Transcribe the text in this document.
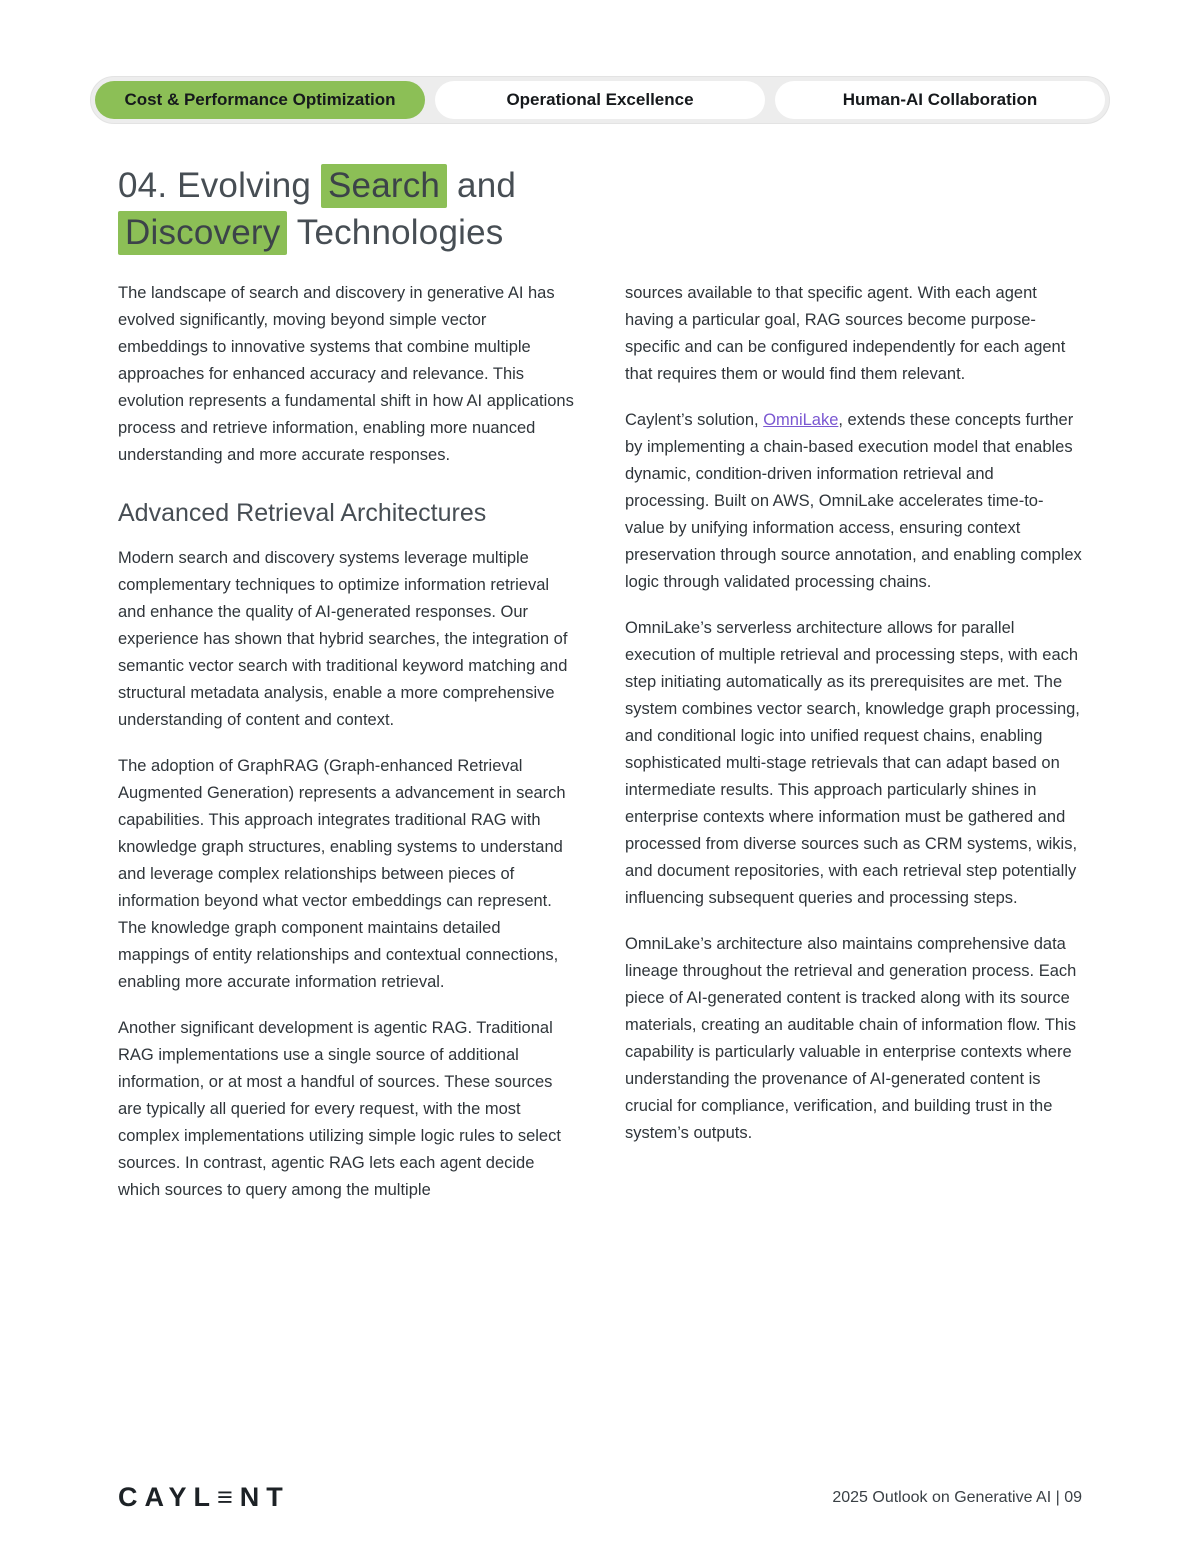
Cost & Performance Optimization	Operational Excellence	Human-AI Collaboration
04. Evolving Search and
Discovery Technologies

The landscape of search and discovery in generative AI has evolved significantly, moving beyond simple vector embeddings to innovative systems that combine multiple approaches for enhanced accuracy and relevance. This evolution represents a fundamental shift in how AI applications process and retrieve information, enabling more nuanced understanding and more accurate responses.

Advanced Retrieval Architectures

Modern search and discovery systems leverage multiple complementary techniques to optimize information retrieval and enhance the quality of AI-generated responses. Our experience has shown that hybrid searches, the integration of semantic vector search with traditional keyword matching and structural metadata analysis, enable a more comprehensive understanding of content and context.

The adoption of GraphRAG (Graph-enhanced Retrieval Augmented Generation) represents a advancement in search capabilities. This approach integrates traditional RAG with knowledge graph structures, enabling systems to understand and leverage complex relationships between pieces of information beyond what vector embeddings can represent. The knowledge graph component maintains detailed mappings of entity relationships and contextual connections, enabling more accurate information retrieval.

Another significant development is agentic RAG. Traditional RAG implementations use a single source of additional information, or at most a handful of sources. These sources are typically all queried for every request, with the most complex implementations utilizing simple logic rules to select sources. In contrast, agentic RAG lets each agent decide which sources to query among the multiple

sources available to that specific agent. With each agent having a particular goal, RAG sources become purpose-specific and can be configured independently for each agent that requires them or would find them relevant.

Caylent’s solution, OmniLake, extends these concepts further by implementing a chain-based execution model that enables dynamic, condition-driven information retrieval and processing. Built on AWS, OmniLake accelerates time-to-value by unifying information access, ensuring context preservation through source annotation, and enabling complex logic through validated processing chains.

OmniLake’s serverless architecture allows for parallel execution of multiple retrieval and processing steps, with each step initiating automatically as its prerequisites are met. The system combines vector search, knowledge graph processing, and conditional logic into unified request chains, enabling sophisticated multi-stage retrievals that can adapt based on intermediate results. This approach particularly shines in enterprise contexts where information must be gathered and processed from diverse sources such as CRM systems, wikis, and document repositories, with each retrieval step potentially influencing subsequent queries and processing steps.

OmniLake’s architecture also maintains comprehensive data lineage throughout the retrieval and generation process. Each piece of AI-generated content is tracked along with its source materials, creating an auditable chain of information flow. This capability is particularly valuable in enterprise contexts where understanding the provenance of AI-generated content is crucial for compliance, verification, and building trust in the system’s outputs.

CAYL≡NT	2025 Outlook on Generative AI | 09
